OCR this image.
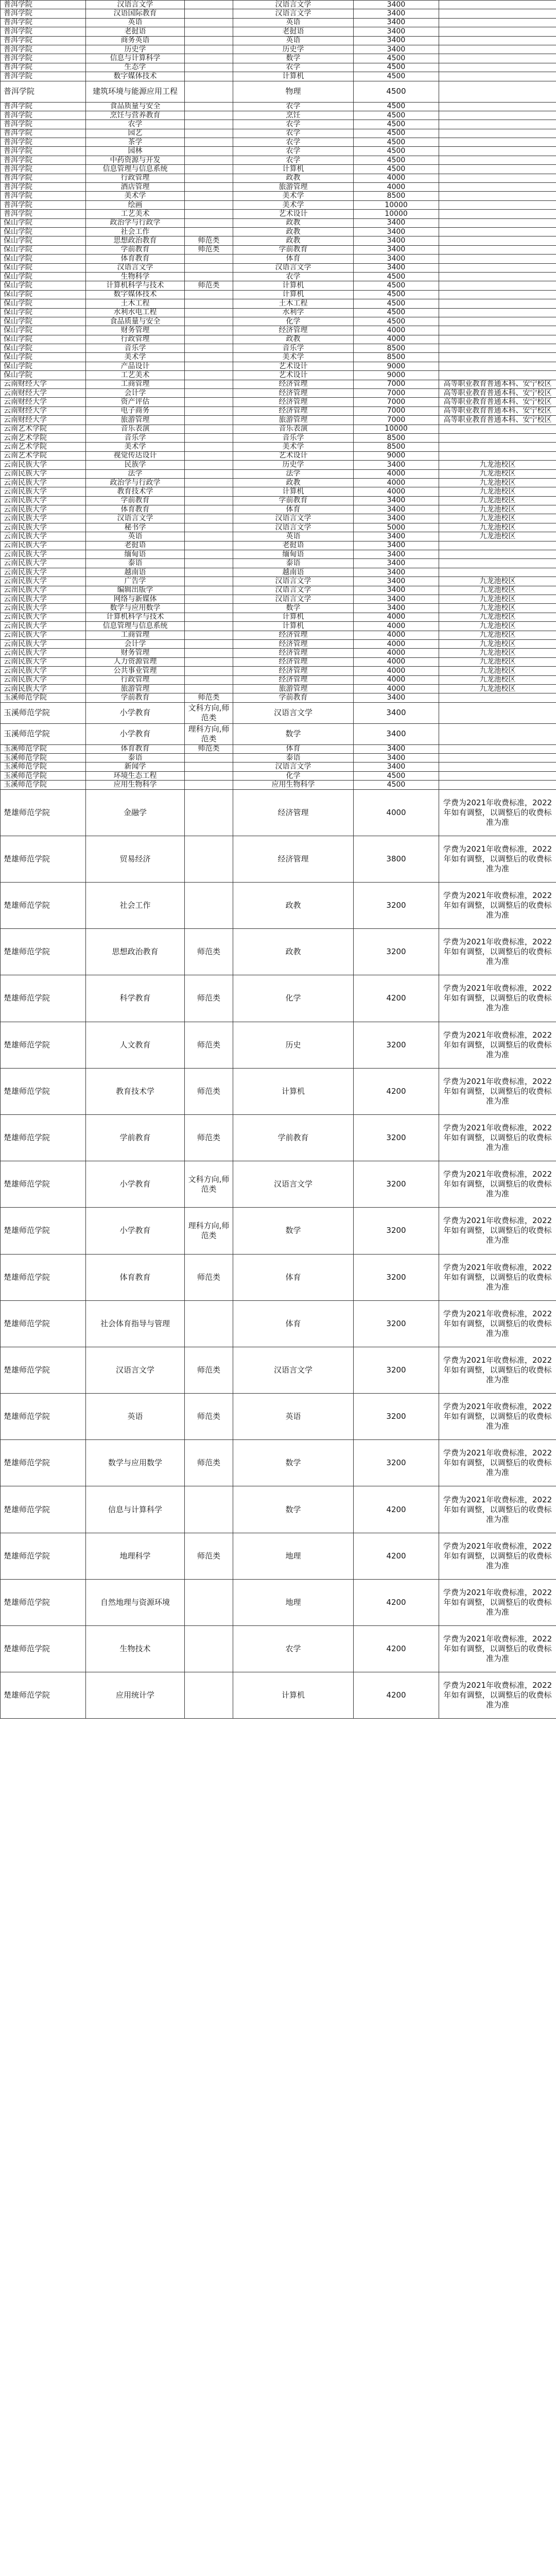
普洱学院	汉语言文学		汉语言文学	3400	
普洱学院	汉语国际教育		汉语言文学	3400	
普洱学院	英语		英语	3400	
普洱学院	老挝语		老挝语	3400	
普洱学院	商务英语		英语	3400	
普洱学院	历史学		历史学	3400	
普洱学院	信息与计算科学		数学	4500	
普洱学院	生态学		农学	4500	
普洱学院	数字媒体技术		计算机	4500	
普洱学院	建筑环境与能源应用工程		物理	4500	
普洱学院	食品质量与安全		农学	4500	
普洱学院	烹饪与营养教育		烹饪	4500	
普洱学院	农学		农学	4500	
普洱学院	园艺		农学	4500	
普洱学院	茶学		农学	4500	
普洱学院	园林		农学	4500	
普洱学院	中药资源与开发		农学	4500	
普洱学院	信息管理与信息系统		计算机	4500	
普洱学院	行政管理		政教	4000	
普洱学院	酒店管理		旅游管理	4000	
普洱学院	美术学		美术学	8500	
普洱学院	绘画		美术学	10000	
普洱学院	工艺美术		艺术设计	10000	
保山学院	政治学与行政学		政教	3400	
保山学院	社会工作		政教	3400	
保山学院	思想政治教育	师范类	政教	3400	
保山学院	学前教育	师范类	学前教育	3400	
保山学院	体育教育		体育	3400	
保山学院	汉语言文学		汉语言文学	3400	
保山学院	生物科学		农学	4500	
保山学院	计算机科学与技术	师范类	计算机	4500	
保山学院	数字媒体技术		计算机	4500	
保山学院	土木工程		土木工程	4500	
保山学院	水利水电工程		水利学	4500	
保山学院	食品质量与安全		化学	4500	
保山学院	财务管理		经济管理	4000	
保山学院	行政管理		政教	4000	
保山学院	音乐学		音乐学	8500	
保山学院	美术学		美术学	8500	
保山学院	产品设计		艺术设计	9000	
保山学院	工艺美术		艺术设计	9000	
云南财经大学	工商管理		经济管理	7000	高等职业教育普通本科、安宁校区
云南财经大学	会计学		经济管理	7000	高等职业教育普通本科、安宁校区
云南财经大学	资产评估		经济管理	7000	高等职业教育普通本科、安宁校区
云南财经大学	电子商务		经济管理	7000	高等职业教育普通本科、安宁校区
云南财经大学	旅游管理		旅游管理	7000	高等职业教育普通本科、安宁校区
云南艺术学院	音乐表演		音乐表演	10000	
云南艺术学院	音乐学		音乐学	8500	
云南艺术学院	美术学		美术学	8500	
云南艺术学院	视觉传达设计		艺术设计	9000	
云南民族大学	民族学		历史学	3400	九龙池校区
云南民族大学	法学		法学	4000	九龙池校区
云南民族大学	政治学与行政学		政教	4000	九龙池校区
云南民族大学	教育技术学		计算机	4000	九龙池校区
云南民族大学	学前教育		学前教育	3400	九龙池校区
云南民族大学	体育教育		体育	3400	九龙池校区
云南民族大学	汉语言文学		汉语言文学	3400	九龙池校区
云南民族大学	秘书学		汉语言文学	5000	九龙池校区
云南民族大学	英语		英语	3400	九龙池校区
云南民族大学	老挝语		老挝语	3400	
云南民族大学	缅甸语		缅甸语	3400	
云南民族大学	泰语		泰语	3400	
云南民族大学	越南语		越南语	3400	
云南民族大学	广告学		汉语言文学	3400	九龙池校区
云南民族大学	编辑出版学		汉语言文学	3400	九龙池校区
云南民族大学	网络与新媒体		汉语言文学	3400	九龙池校区
云南民族大学	数学与应用数学		数学	3400	九龙池校区
云南民族大学	计算机科学与技术		计算机	4000	九龙池校区
云南民族大学	信息管理与信息系统		计算机	4000	九龙池校区
云南民族大学	工商管理		经济管理	4000	九龙池校区
云南民族大学	会计学		经济管理	4000	九龙池校区
云南民族大学	财务管理		经济管理	4000	九龙池校区
云南民族大学	人力资源管理		经济管理	4000	九龙池校区
云南民族大学	公共事业管理		经济管理	4000	九龙池校区
云南民族大学	行政管理		经济管理	4000	九龙池校区
云南民族大学	旅游管理		旅游管理	4000	九龙池校区
玉溪师范学院	学前教育	师范类	学前教育	3400	
玉溪师范学院	小学教育	文科方向,师范类	汉语言文学	3400	
玉溪师范学院	小学教育	理科方向,师范类	数学	3400	
玉溪师范学院	体育教育	师范类	体育	3400	
玉溪师范学院	泰语		泰语	3400	
玉溪师范学院	新闻学		汉语言文学	3400	
玉溪师范学院	环境生态工程		化学	4500	
玉溪师范学院	应用生物科学		应用生物科学	4500	
楚雄师范学院	金融学		经济管理	4000	学费为2021年收费标准，2022年如有调整，以调整后的收费标准为准
楚雄师范学院	贸易经济		经济管理	3800	学费为2021年收费标准，2022年如有调整，以调整后的收费标准为准
楚雄师范学院	社会工作		政教	3200	学费为2021年收费标准，2022年如有调整，以调整后的收费标准为准
楚雄师范学院	思想政治教育	师范类	政教	3200	学费为2021年收费标准，2022年如有调整，以调整后的收费标准为准
楚雄师范学院	科学教育	师范类	化学	4200	学费为2021年收费标准，2022年如有调整，以调整后的收费标准为准
楚雄师范学院	人文教育	师范类	历史	3200	学费为2021年收费标准，2022年如有调整，以调整后的收费标准为准
楚雄师范学院	教育技术学	师范类	计算机	4200	学费为2021年收费标准，2022年如有调整，以调整后的收费标准为准
楚雄师范学院	学前教育	师范类	学前教育	3200	学费为2021年收费标准，2022年如有调整，以调整后的收费标准为准
楚雄师范学院	小学教育	文科方向,师范类	汉语言文学	3200	学费为2021年收费标准，2022年如有调整，以调整后的收费标准为准
楚雄师范学院	小学教育	理科方向,师范类	数学	3200	学费为2021年收费标准，2022年如有调整，以调整后的收费标准为准
楚雄师范学院	体育教育	师范类	体育	3200	学费为2021年收费标准，2022年如有调整，以调整后的收费标准为准
楚雄师范学院	社会体育指导与管理		体育	3200	学费为2021年收费标准，2022年如有调整，以调整后的收费标准为准
楚雄师范学院	汉语言文学	师范类	汉语言文学	3200	学费为2021年收费标准，2022年如有调整，以调整后的收费标准为准
楚雄师范学院	英语	师范类	英语	3200	学费为2021年收费标准，2022年如有调整，以调整后的收费标准为准
楚雄师范学院	数学与应用数学	师范类	数学	3200	学费为2021年收费标准，2022年如有调整，以调整后的收费标准为准
楚雄师范学院	信息与计算科学		数学	4200	学费为2021年收费标准，2022年如有调整，以调整后的收费标准为准
楚雄师范学院	地理科学	师范类	地理	4200	学费为2021年收费标准，2022年如有调整，以调整后的收费标准为准
楚雄师范学院	自然地理与资源环境		地理	4200	学费为2021年收费标准，2022年如有调整，以调整后的收费标准为准
楚雄师范学院	生物技术		农学	4200	学费为2021年收费标准，2022年如有调整，以调整后的收费标准为准
楚雄师范学院	应用统计学		计算机	4200	学费为2021年收费标准，2022年如有调整，以调整后的收费标准为准
